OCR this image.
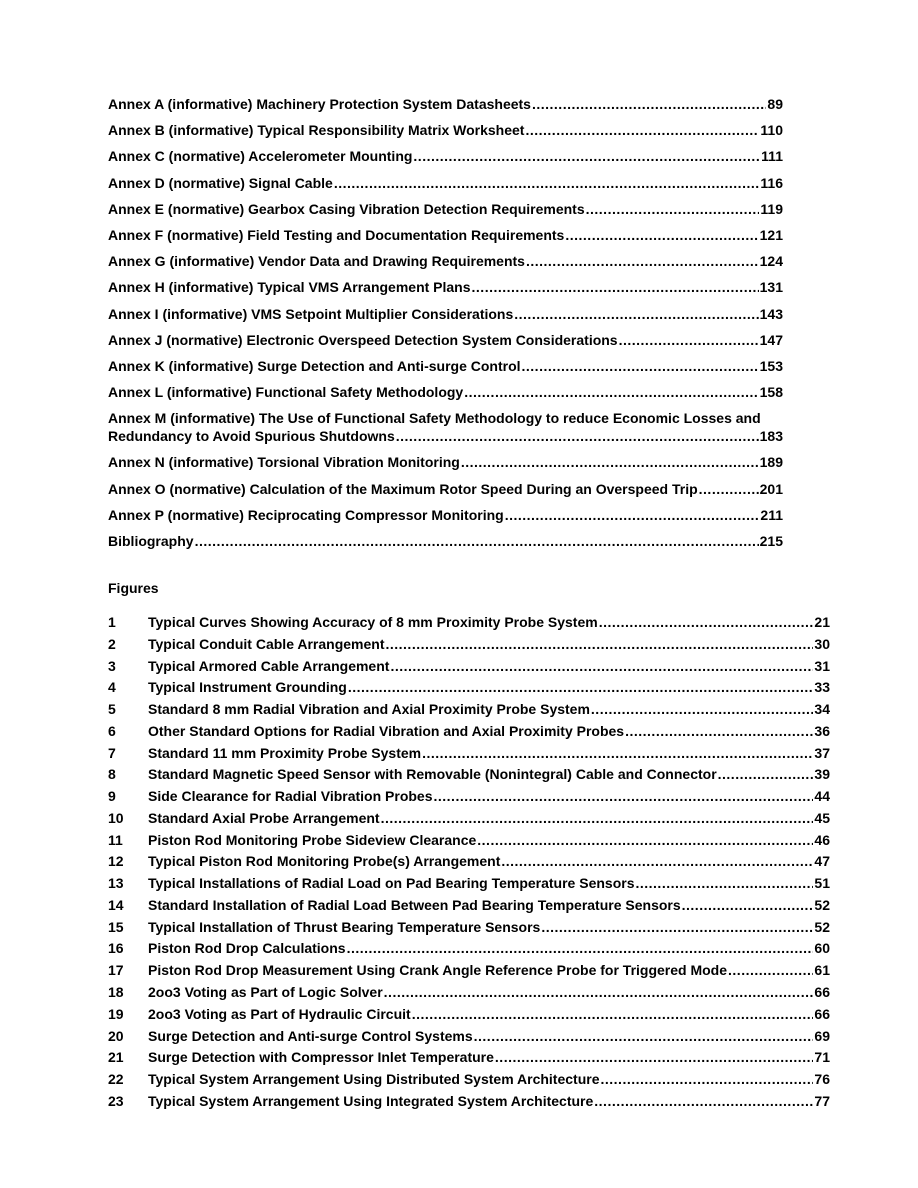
Annex A (informative) Machinery Protection System Datasheets .....	89
Annex B (informative) Typical Responsibility Matrix Worksheet .....	110
Annex C (normative) Accelerometer Mounting .....	111
Annex D (normative) Signal Cable .....	116
Annex E (normative) Gearbox Casing Vibration Detection Requirements .....	119
Annex F (normative) Field Testing and Documentation Requirements .....	121
Annex G (informative) Vendor Data and Drawing Requirements .....	124
Annex H (informative) Typical VMS Arrangement Plans .....	131
Annex I (informative) VMS Setpoint Multiplier Considerations .....	143
Annex J (normative) Electronic Overspeed Detection System Considerations .....	147
Annex K (informative) Surge Detection and Anti-surge Control .....	153
Annex L (informative) Functional Safety Methodology .....	158
Annex M (informative) The Use of Functional Safety Methodology to reduce Economic Losses and
Redundancy to Avoid Spurious Shutdowns .....	183
Annex N (informative) Torsional Vibration Monitoring .....	189
Annex O (normative) Calculation of the Maximum Rotor Speed During an Overspeed Trip .....	201
Annex P (normative) Reciprocating Compressor Monitoring .....	211
Bibliography .....	215
Figures
1	Typical Curves Showing Accuracy of 8 mm Proximity Probe System .....	21
2	Typical Conduit Cable Arrangement .....	30
3	Typical Armored Cable Arrangement .....	31
4	Typical Instrument Grounding .....	33
5	Standard 8 mm Radial Vibration and Axial Proximity Probe System .....	34
6	Other Standard Options for Radial Vibration and Axial Proximity Probes .....	36
7	Standard 11 mm Proximity Probe System .....	37
8	Standard Magnetic Speed Sensor with Removable (Nonintegral) Cable and Connector .....	39
9	Side Clearance for Radial Vibration Probes .....	44
10	Standard Axial Probe Arrangement .....	45
11	Piston Rod Monitoring Probe Sideview Clearance .....	46
12	Typical Piston Rod Monitoring Probe(s) Arrangement .....	47
13	Typical Installations of Radial Load on Pad Bearing Temperature Sensors .....	51
14	Standard Installation of Radial Load Between Pad Bearing Temperature Sensors .....	52
15	Typical Installation of Thrust Bearing Temperature Sensors .....	52
16	Piston Rod Drop Calculations .....	60
17	Piston Rod Drop Measurement Using Crank Angle Reference Probe for Triggered Mode .....	61
18	2oo3 Voting as Part of Logic Solver .....	66
19	2oo3 Voting as Part of Hydraulic Circuit .....	66
20	Surge Detection and Anti-surge Control Systems .....	69
21	Surge Detection with Compressor Inlet Temperature .....	71
22	Typical System Arrangement Using Distributed System Architecture .....	76
23	Typical System Arrangement Using Integrated System Architecture .....	77
